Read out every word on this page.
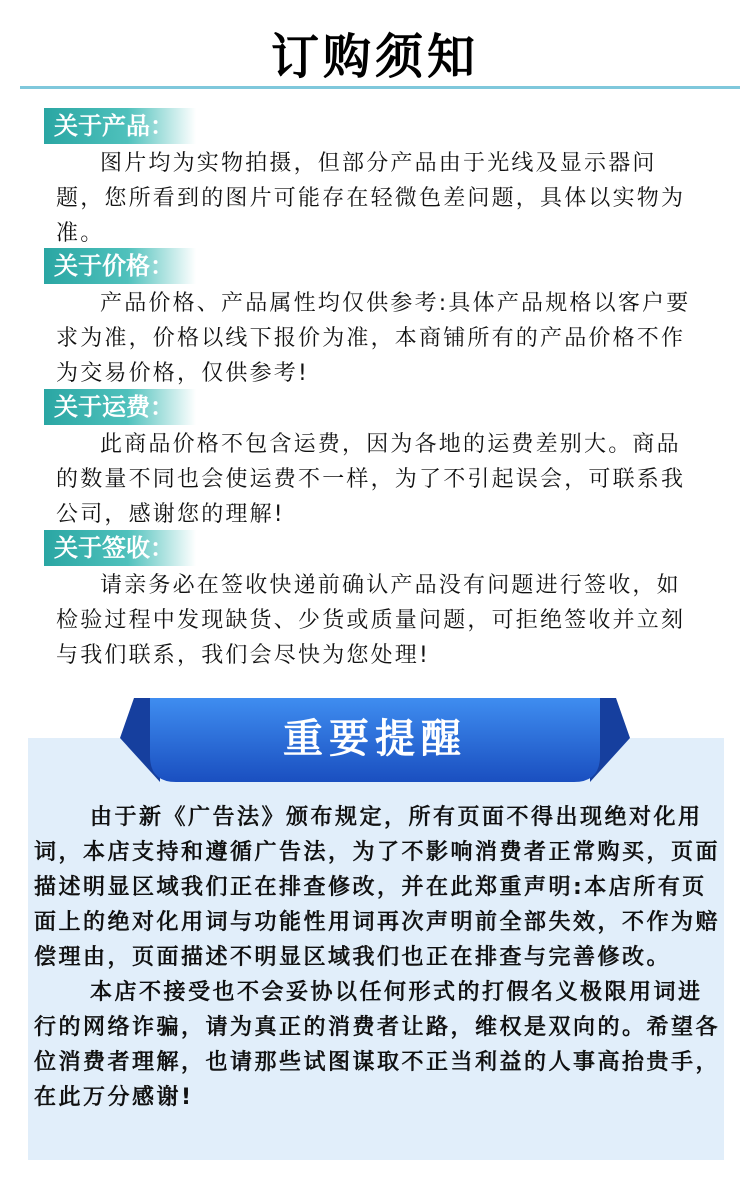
订购须知
关于产品：
图片均为实物拍摄，但部分产品由于光线及显示器问题，您所看到的图片可能存在轻微色差问题，具体以实物为准。
关于价格：
产品价格、产品属性均仅供参考:具体产品规格以客户要求为准，价格以线下报价为准，本商铺所有的产品价格不作为交易价格，仅供参考!
关于运费：
此商品价格不包含运费，因为各地的运费差别大。商品的数量不同也会使运费不一样，为了不引起误会，可联系我公司，感谢您的理解!
关于签收：
请亲务必在签收快递前确认产品没有问题进行签收，如检验过程中发现缺货、少货或质量问题，可拒绝签收并立刻与我们联系，我们会尽快为您处理!
重要提醒

由于新《广告法》颁布规定，所有页面不得出现绝对化用词，本店支持和遵循广告法，为了不影响消费者正常购买，页面描述明显区域我们正在排查修改，并在此郑重声明:本店所有页面上的绝对化用词与功能性用词再次声明前全部失效，不作为赔偿理由，页面描述不明显区域我们也正在排查与完善修改。

本店不接受也不会妥协以任何形式的打假名义极限用词进行的网络诈骗，请为真正的消费者让路，维权是双向的。希望各位消费者理解，也请那些试图谋取不正当利益的人事高抬贵手，在此万分感谢!
